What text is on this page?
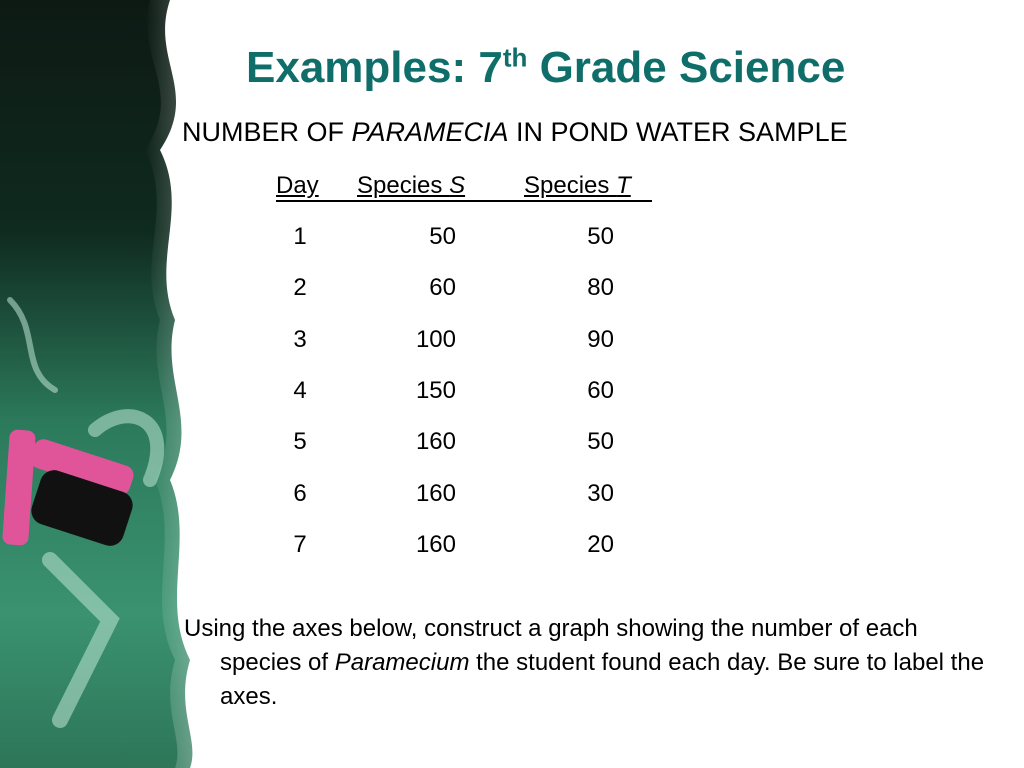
Examples: 7th Grade Science

NUMBER OF PARAMECIA IN POND WATER SAMPLE

Day Species S Species T
1	50	50
2	60	80
3	100	90
4	150	60
5	160	50
6	160	30
7	160	20

Using the axes below, construct a graph showing the number of each species of Paramecium the student found each day. Be sure to label the axes.
